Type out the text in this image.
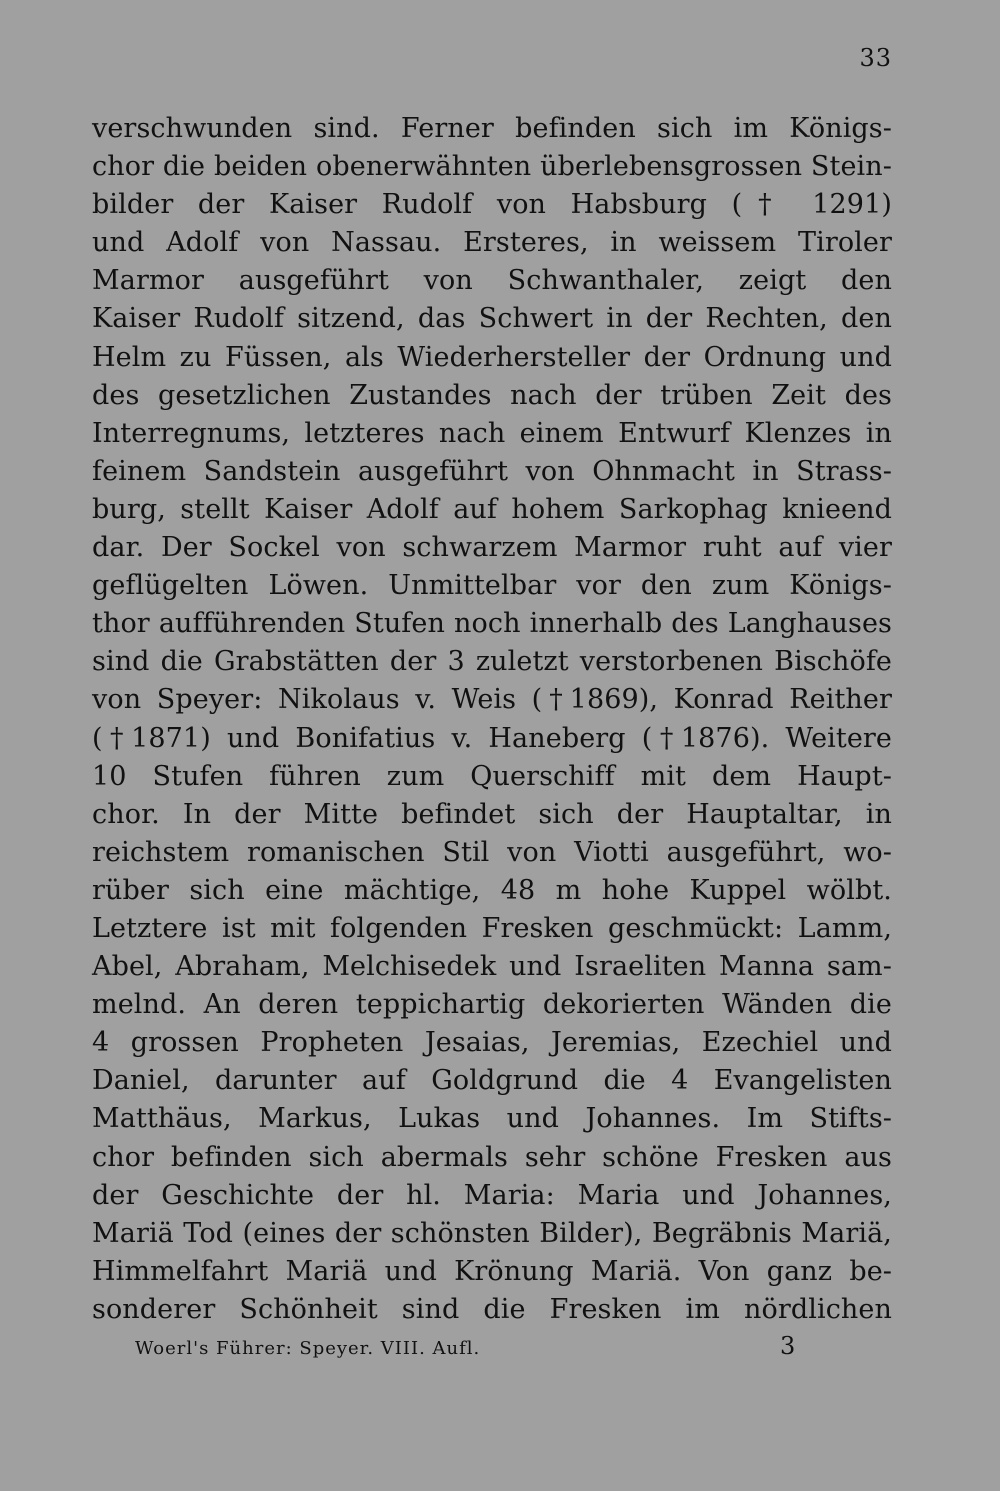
33
verschwunden sind. Ferner befinden sich im Königs-
chor die beiden obenerwähnten überlebensgrossen Stein-
bilder der Kaiser Rudolf von Habsburg († 1291)
und Adolf von Nassau. Ersteres, in weissem Tiroler
Marmor ausgeführt von Schwanthaler, zeigt den
Kaiser Rudolf sitzend, das Schwert in der Rechten, den
Helm zu Füssen, als Wiederhersteller der Ordnung und
des gesetzlichen Zustandes nach der trüben Zeit des
Interregnums, letzteres nach einem Entwurf Klenzes in
feinem Sandstein ausgeführt von Ohnmacht in Strass-
burg, stellt Kaiser Adolf auf hohem Sarkophag knieend
dar. Der Sockel von schwarzem Marmor ruht auf vier
geflügelten Löwen. Unmittelbar vor den zum Königs-
thor aufführenden Stufen noch innerhalb des Langhauses
sind die Grabstätten der 3 zuletzt verstorbenen Bischöfe
von Speyer: Nikolaus v. Weis (†1869), Konrad Reither
(†1871) und Bonifatius v. Haneberg (†1876). Weitere
10 Stufen führen zum Querschiff mit dem Haupt-
chor. In der Mitte befindet sich der Hauptaltar, in
reichstem romanischen Stil von Viotti ausgeführt, wo-
rüber sich eine mächtige, 48 m hohe Kuppel wölbt.
Letztere ist mit folgenden Fresken geschmückt: Lamm,
Abel, Abraham, Melchisedek und Israeliten Manna sam-
melnd. An deren teppichartig dekorierten Wänden die
4 grossen Propheten Jesaias, Jeremias, Ezechiel und
Daniel, darunter auf Goldgrund die 4 Evangelisten
Matthäus, Markus, Lukas und Johannes. Im Stifts-
chor befinden sich abermals sehr schöne Fresken aus
der Geschichte der hl. Maria: Maria und Johannes,
Mariä Tod (eines der schönsten Bilder), Begräbnis Mariä,
Himmelfahrt Mariä und Krönung Mariä. Von ganz be-
sonderer Schönheit sind die Fresken im nördlichen
Woerl's Führer: Speyer. VIII. Aufl.	3
